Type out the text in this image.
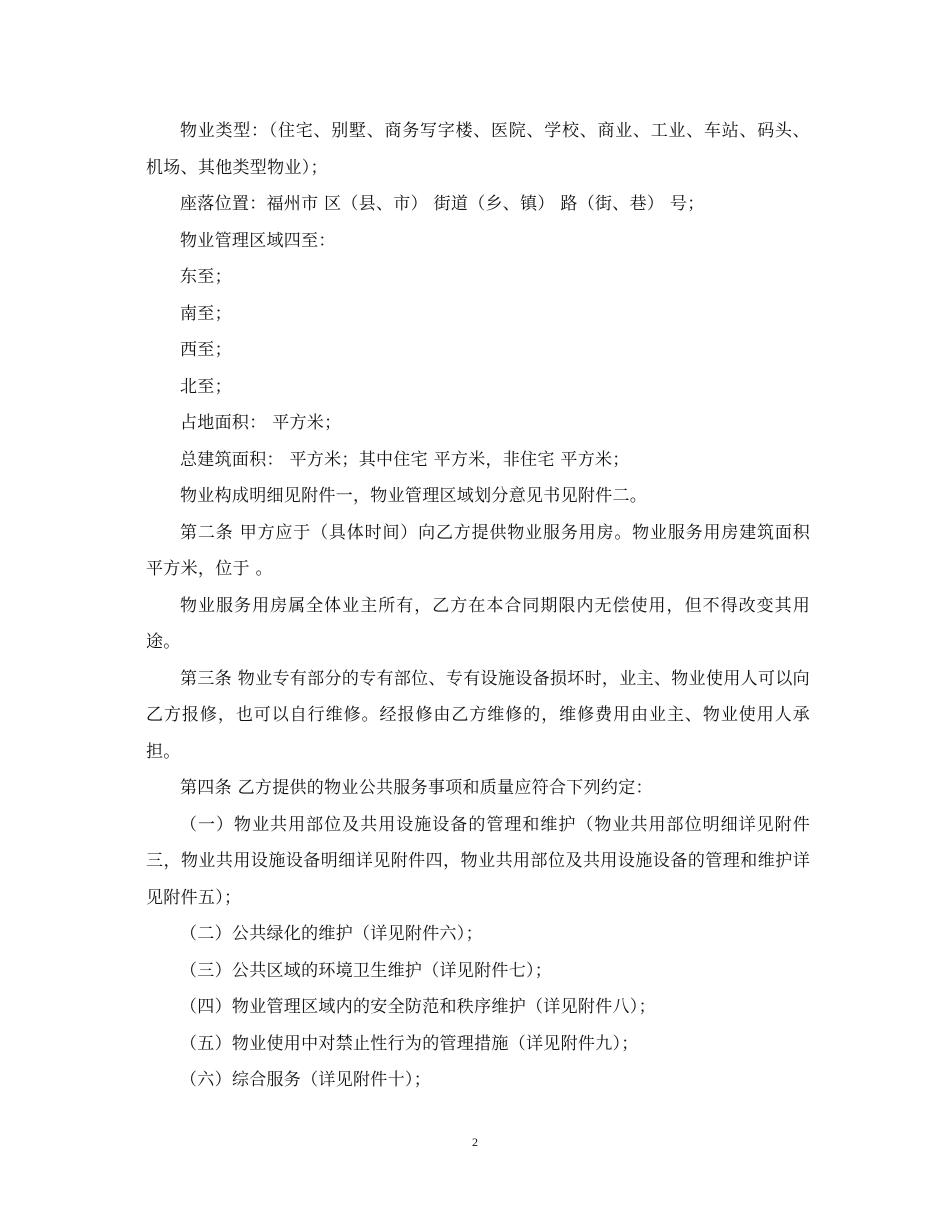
物业类型：（住宅、别墅、商务写字楼、医院、学校、商业、工业、车站、码头、机场、其他类型物业）；

座落位置：福州市 区（县、市） 街道（乡、镇） 路（街、巷） 号；

物业管理区域四至：

东至；

南至；

西至；

北至；

占地面积： 平方米；

总建筑面积： 平方米；其中住宅 平方米，非住宅 平方米；

物业构成明细见附件一，物业管理区域划分意见书见附件二。

第二条 甲方应于（具体时间）向乙方提供物业服务用房。物业服务用房建筑面积 平方米，位于 。

物业服务用房属全体业主所有，乙方在本合同期限内无偿使用，但不得改变其用途。

第三条 物业专有部分的专有部位、专有设施设备损坏时，业主、物业使用人可以向乙方报修，也可以自行维修。经报修由乙方维修的，维修费用由业主、物业使用人承担。

第四条 乙方提供的物业公共服务事项和质量应符合下列约定：

（一）物业共用部位及共用设施设备的管理和维护（物业共用部位明细详见附件三，物业共用设施设备明细详见附件四，物业共用部位及共用设施设备的管理和维护详见附件五）；

（二）公共绿化的维护（详见附件六）；

（三）公共区域的环境卫生维护（详见附件七）；

（四）物业管理区域内的安全防范和秩序维护（详见附件八）；

（五）物业使用中对禁止性行为的管理措施（详见附件九）；

（六）综合服务（详见附件十）；

2
